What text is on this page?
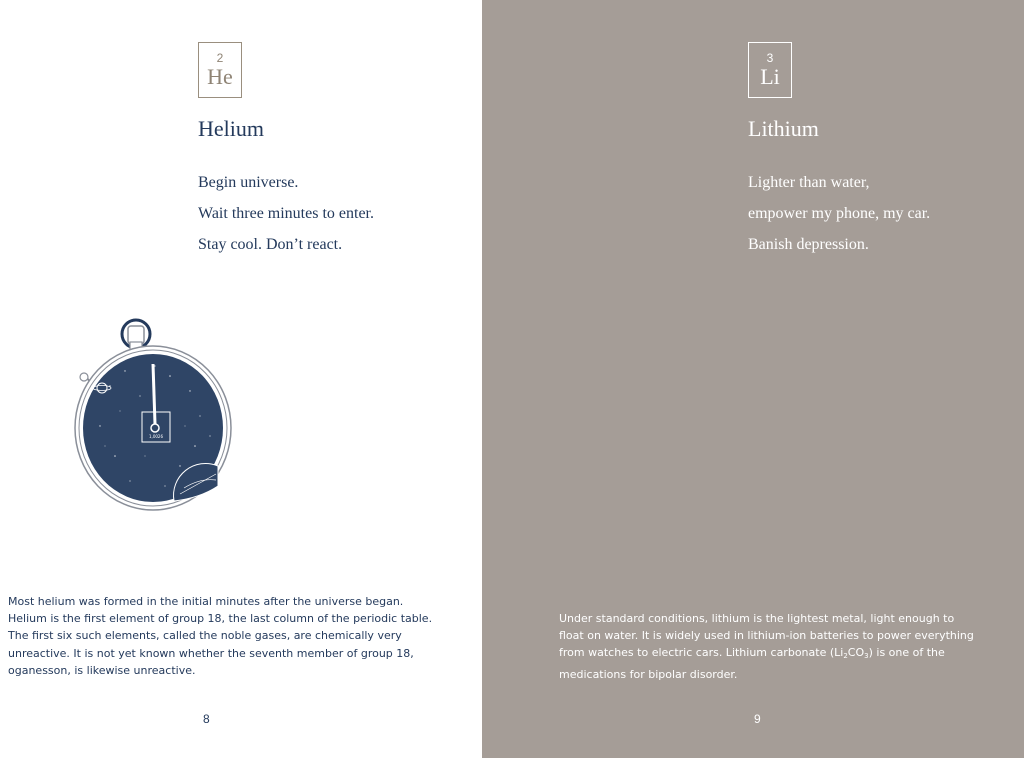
2
He
Helium
Begin universe.
Wait three minutes to enter.
Stay cool. Don’t react.
1,0026

Most helium was formed in the initial minutes after the universe began.
Helium is the first element of group 18, the last column of the periodic table.
The first six such elements, called the noble gases, are chemically very
unreactive. It is not yet known whether the seventh member of group 18,
oganesson, is likewise unreactive.

8
3
Li
Lithium
Lighter than water,
empower my phone, my car.
Banish depression.

Under standard conditions, lithium is the lightest metal, light enough to
float on water. It is widely used in lithium-ion batteries to power everything
from watches to electric cars. Lithium carbonate $(Li_2CO_3)$ is one of the
medications for bipolar disorder.

9
